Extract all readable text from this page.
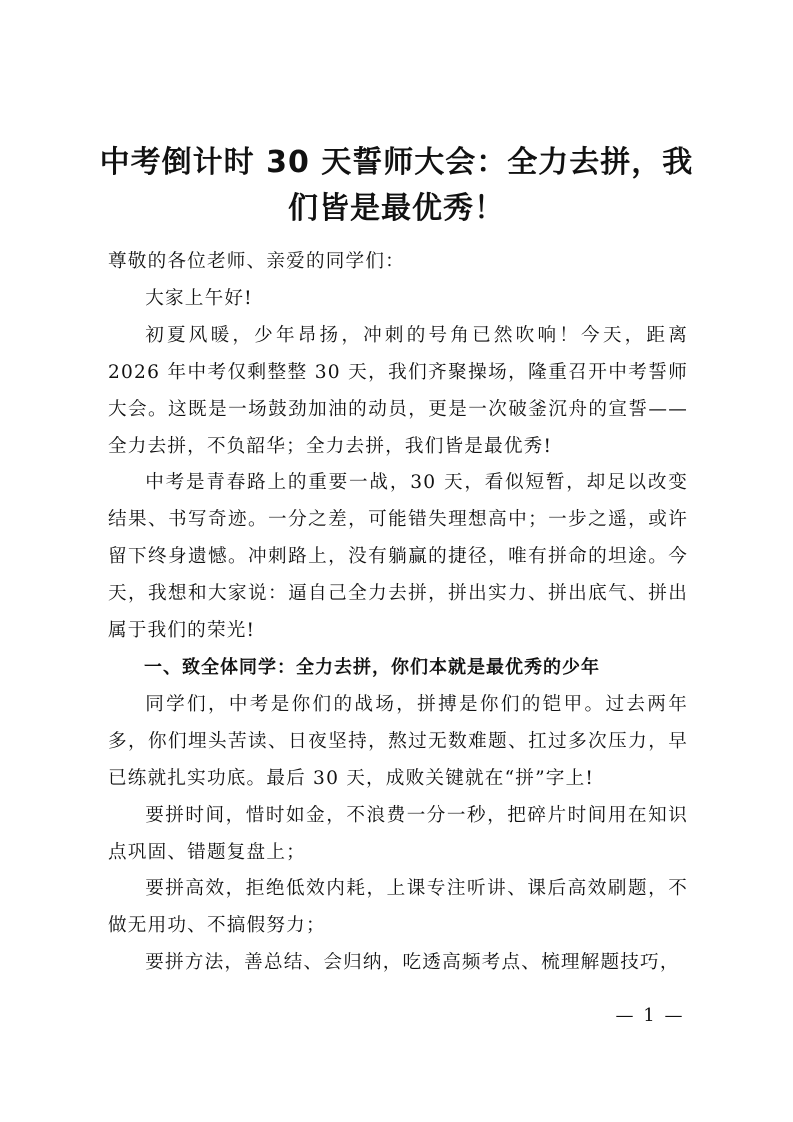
中考倒计时 30 天誓师大会：全力去拼，我
们皆是最优秀！

尊敬的各位老师、亲爱的同学们：

大家上午好!

初夏风暖，少年昂扬，冲刺的号角已然吹响！今天，距离2026 年中考仅剩整整 30 天，我们齐聚操场，隆重召开中考誓师大会。这既是一场鼓劲加油的动员，更是一次破釜沉舟的宣誓——全力去拼，不负韶华；全力去拼，我们皆是最优秀!

中考是青春路上的重要一战，30 天，看似短暂，却足以改变结果、书写奇迹。一分之差，可能错失理想高中；一步之遥，或许留下终身遗憾。冲刺路上，没有躺赢的捷径，唯有拼命的坦途。今天，我想和大家说：逼自己全力去拼，拼出实力、拼出底气、拼出属于我们的荣光!

一、致全体同学：全力去拼，你们本就是最优秀的少年

同学们，中考是你们的战场，拼搏是你们的铠甲。过去两年多，你们埋头苦读、日夜坚持，熬过无数难题、扛过多次压力，早已练就扎实功底。最后 30 天，成败关键就在“拼”字上!

要拼时间，惜时如金，不浪费一分一秒，把碎片时间用在知识点巩固、错题复盘上；

要拼高效，拒绝低效内耗，上课专注听讲、课后高效刷题，不做无用功、不搞假努力；

要拼方法，善总结、会归纳，吃透高频考点、梳理解题技巧，

— 1 —
